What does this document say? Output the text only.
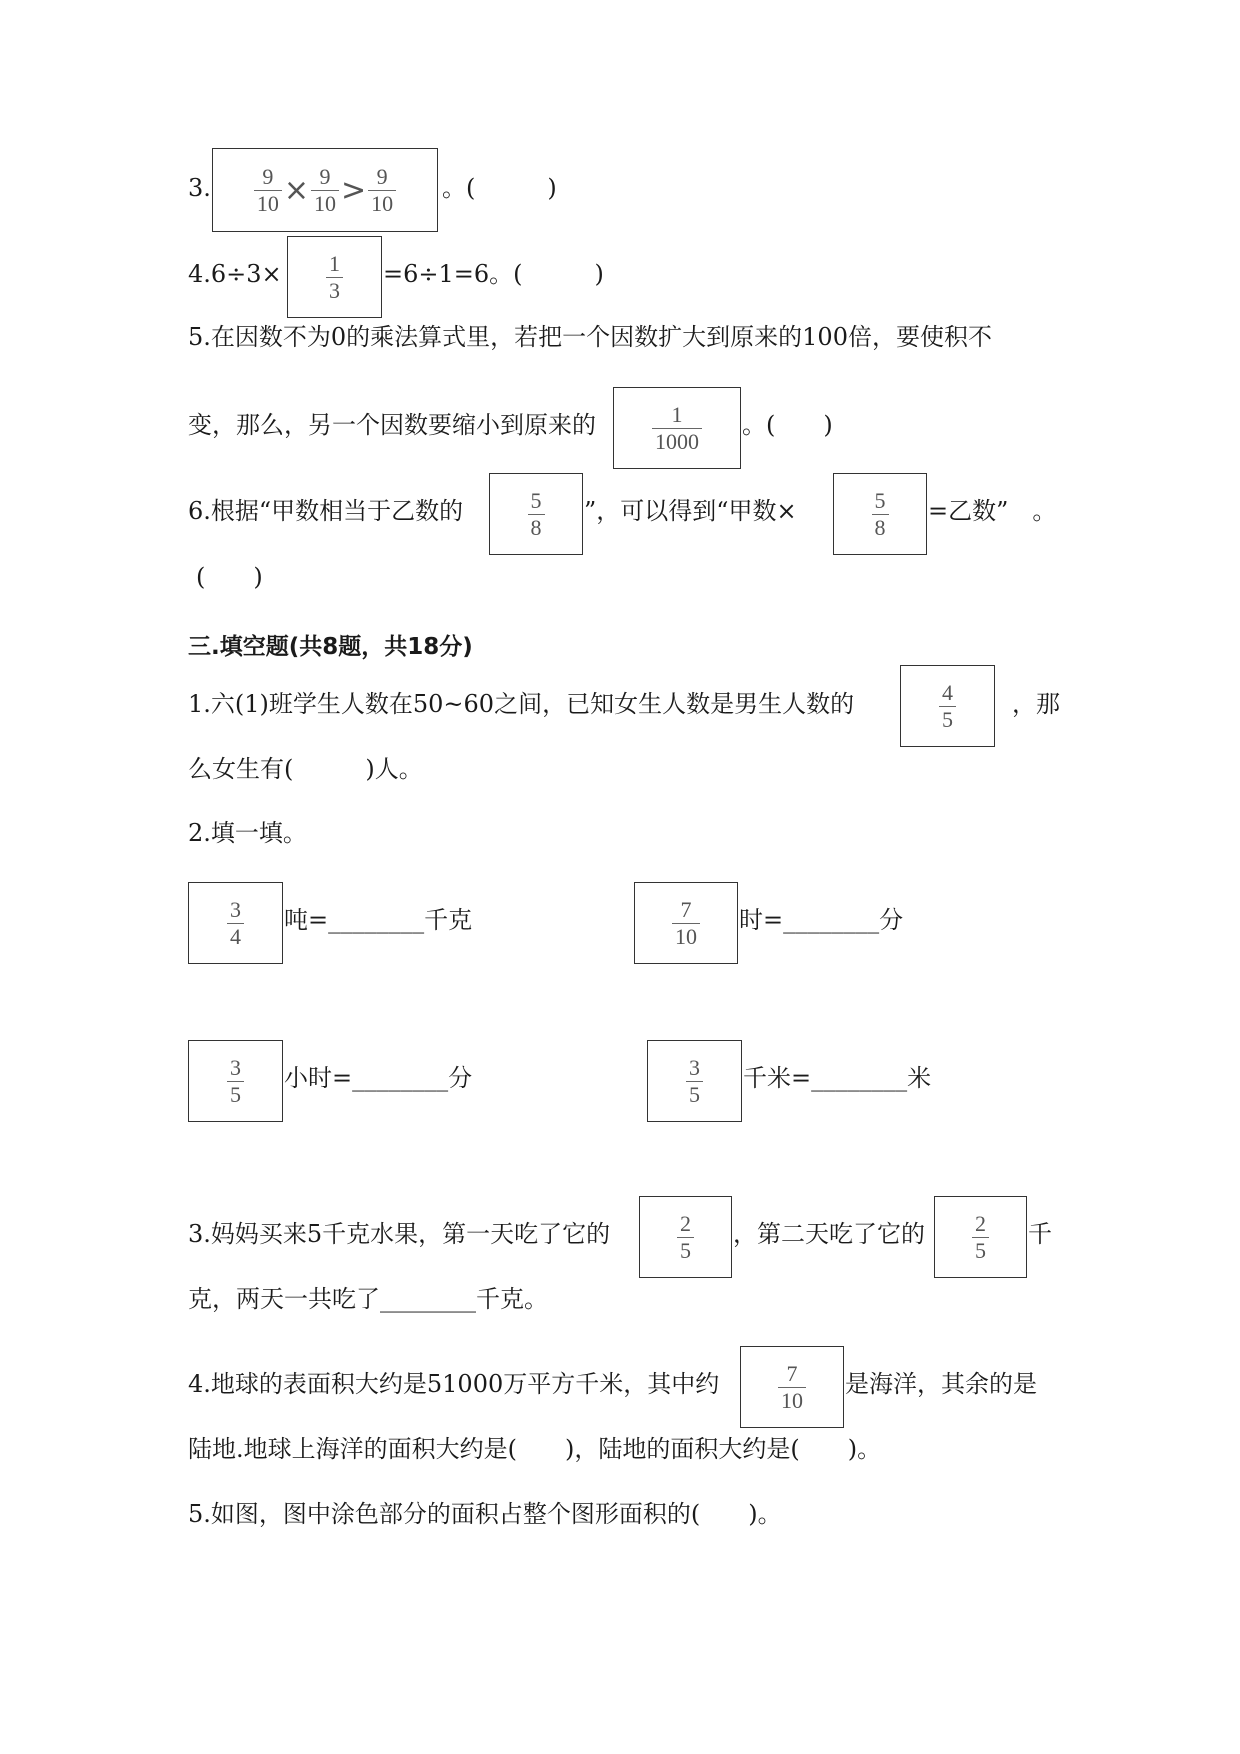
3. $\frac{9}{10} \times \frac{9}{10} > \frac{9}{10}$ 。(　　　)
$4.6\div 3\times \frac{1}{3} =6\div 1=6$。(　　　)
5.在因数不为0的乘法算式里，若把一个因数扩大到原来的100倍，要使积不
变，那么，另一个因数要缩小到原来的	$\frac{1}{1000}$ 。(　　)
6.根据“甲数相当于乙数的	$\frac{5}{8}$ ”，可以得到“甲数×	$\frac{5}{8}$ =乙数”　。
(　　)
三.填空题(共8题，共18分)
1.六(1)班学生人数在50~60之间，已知女生人数是男生人数的	$\frac{4}{5}$ ，那
么女生有(　　　)人。
2.填一填。
$\frac{3}{4}$ 吨=________千克	$\frac{7}{10}$ 时=________分
$\frac{3}{5}$ 小时=________分	$\frac{3}{5}$ 千米=________米
3.妈妈买来5千克水果，第一天吃了它的	$\frac{2}{5}$ ，第二天吃了它的 $\frac{2}{5}$ 千
克，两天一共吃了________千克。
4.地球的表面积大约是51000万平方千米，其中约	$\frac{7}{10}$ 是海洋，其余的是
陆地.地球上海洋的面积大约是(　　)，陆地的面积大约是(　　)。
5.如图，图中涂色部分的面积占整个图形面积的(　　)。
